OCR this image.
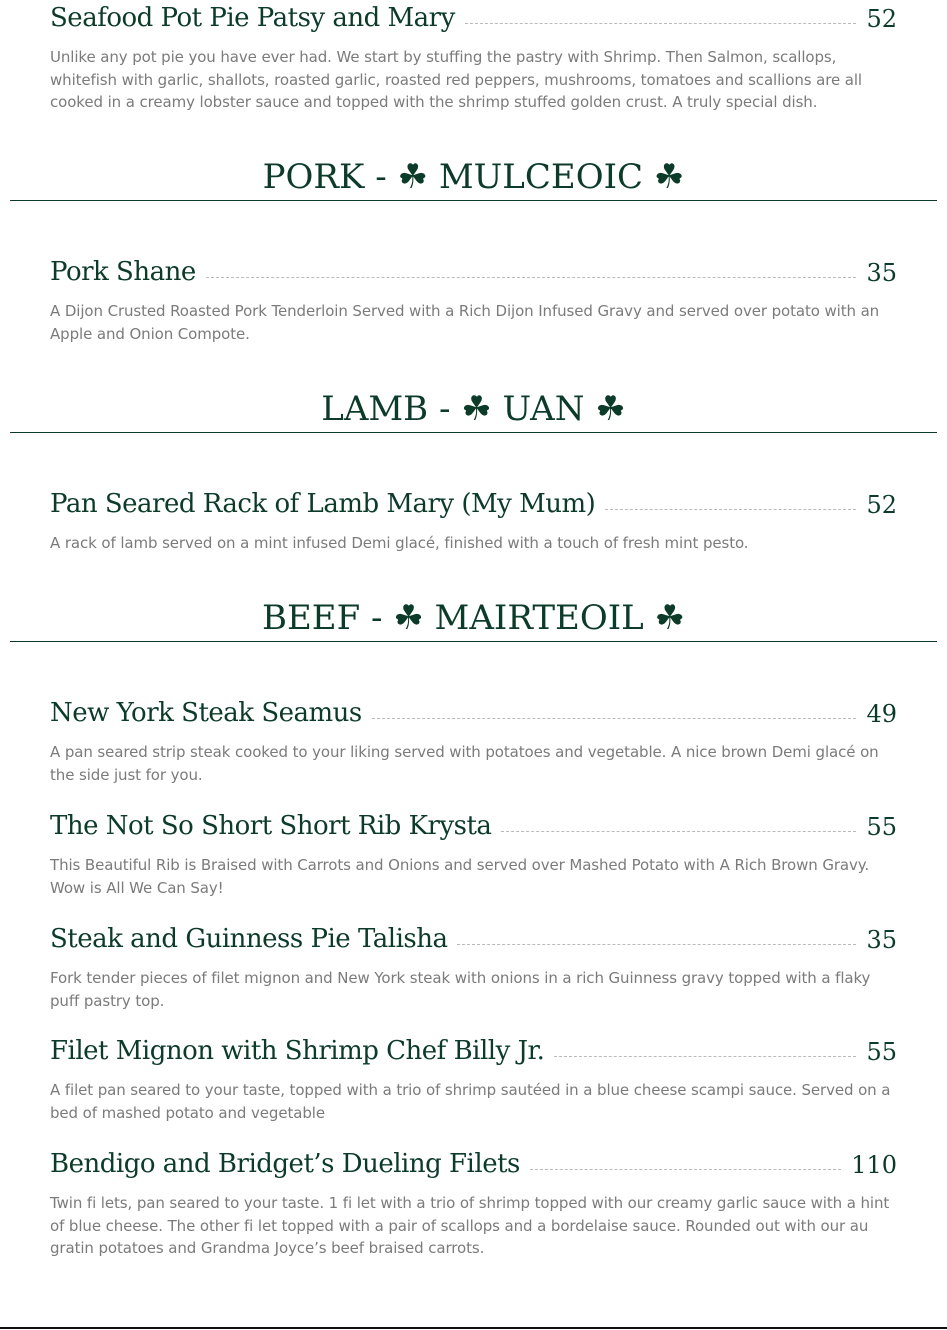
Seafood Pot Pie Patsy and Mary	52
Unlike any pot pie you have ever had. We start by stuffing the pastry with Shrimp. Then Salmon, scallops, whitefish with garlic, shallots, roasted garlic, roasted red peppers, mushrooms, tomatoes and scallions are all cooked in a creamy lobster sauce and topped with the shrimp stuffed golden crust. A truly special dish.
PORK - ☘ MULCEOIC ☘
Pork Shane	35
A Dijon Crusted Roasted Pork Tenderloin Served with a Rich Dijon Infused Gravy and served over potato with an Apple and Onion Compote.
LAMB - ☘ UAN ☘
Pan Seared Rack of Lamb Mary (My Mum)	52
A rack of lamb served on a mint infused Demi glacé, finished with a touch of fresh mint pesto.
BEEF - ☘ MAIRTEOIL ☘
New York Steak Seamus	49
A pan seared strip steak cooked to your liking served with potatoes and vegetable. A nice brown Demi glacé on the side just for you.
The Not So Short Short Rib Krysta	55
This Beautiful Rib is Braised with Carrots and Onions and served over Mashed Potato with A Rich Brown Gravy. Wow is All We Can Say!
Steak and Guinness Pie Talisha	35
Fork tender pieces of filet mignon and New York steak with onions in a rich Guinness gravy topped with a flaky puff pastry top.
Filet Mignon with Shrimp Chef Billy Jr.	55
A filet pan seared to your taste, topped with a trio of shrimp sautéed in a blue cheese scampi sauce. Served on a bed of mashed potato and vegetable
Bendigo and Bridget’s Dueling Filets	110
Twin fi lets, pan seared to your taste. 1 fi let with a trio of shrimp topped with our creamy garlic sauce with a hint of blue cheese. The other fi let topped with a pair of scallops and a bordelaise sauce. Rounded out with our au gratin potatoes and Grandma Joyce’s beef braised carrots.
